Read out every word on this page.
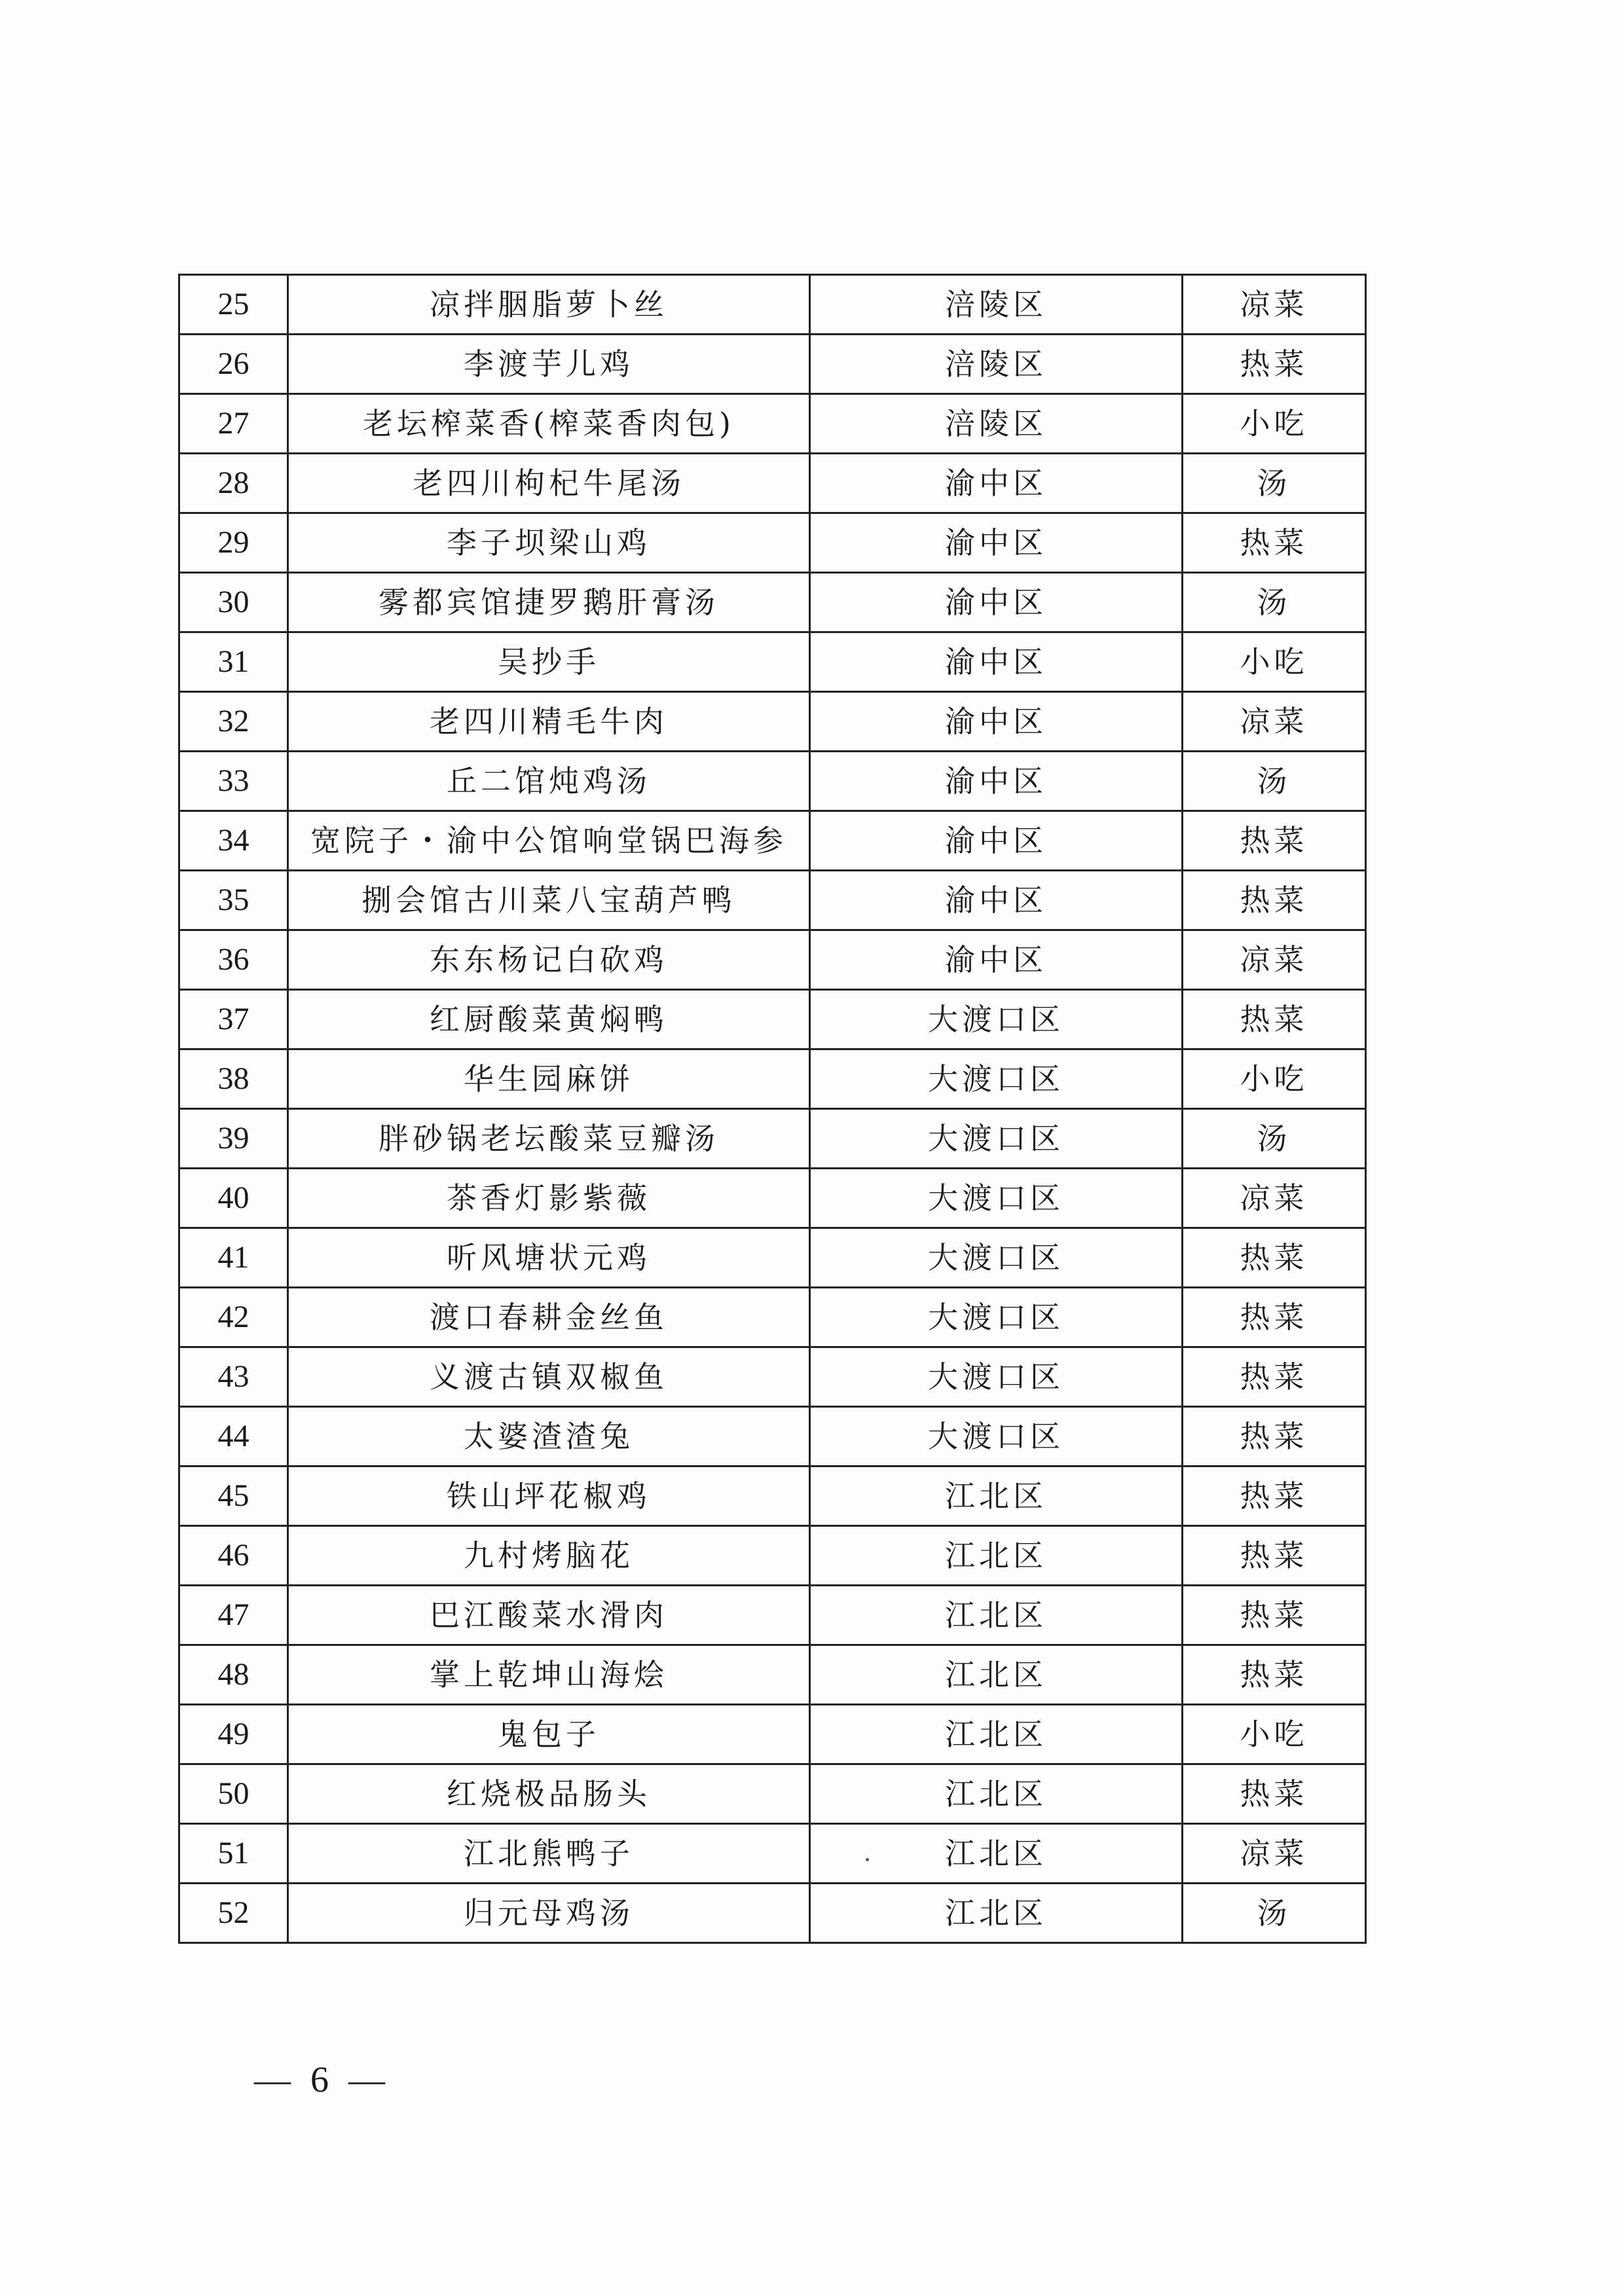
25	凉拌胭脂萝卜丝	涪陵区	凉菜
26	李渡芋儿鸡	涪陵区	热菜
27	老坛榨菜香(榨菜香肉包)	涪陵区	小吃
28	老四川枸杞牛尾汤	渝中区	汤
29	李子坝梁山鸡	渝中区	热菜
30	雾都宾馆捷罗鹅肝膏汤	渝中区	汤
31	吴抄手	渝中区	小吃
32	老四川精毛牛肉	渝中区	凉菜
33	丘二馆炖鸡汤	渝中区	汤
34	宽院子・渝中公馆响堂锅巴海参	渝中区	热菜
35	捌会馆古川菜八宝葫芦鸭	渝中区	热菜
36	东东杨记白砍鸡	渝中区	凉菜
37	红厨酸菜黄焖鸭	大渡口区	热菜
38	华生园麻饼	大渡口区	小吃
39	胖砂锅老坛酸菜豆瓣汤	大渡口区	汤
40	茶香灯影紫薇	大渡口区	凉菜
41	听风塘状元鸡	大渡口区	热菜
42	渡口春耕金丝鱼	大渡口区	热菜
43	义渡古镇双椒鱼	大渡口区	热菜
44	太婆渣渣兔	大渡口区	热菜
45	铁山坪花椒鸡	江北区	热菜
46	九村烤脑花	江北区	热菜
47	巴江酸菜水滑肉	江北区	热菜
48	掌上乾坤山海烩	江北区	热菜
49	鬼包子	江北区	小吃
50	红烧极品肠头	江北区	热菜
51	江北熊鸭子	江北区	凉菜
52	归元母鸡汤	江北区	汤
— 6 —
